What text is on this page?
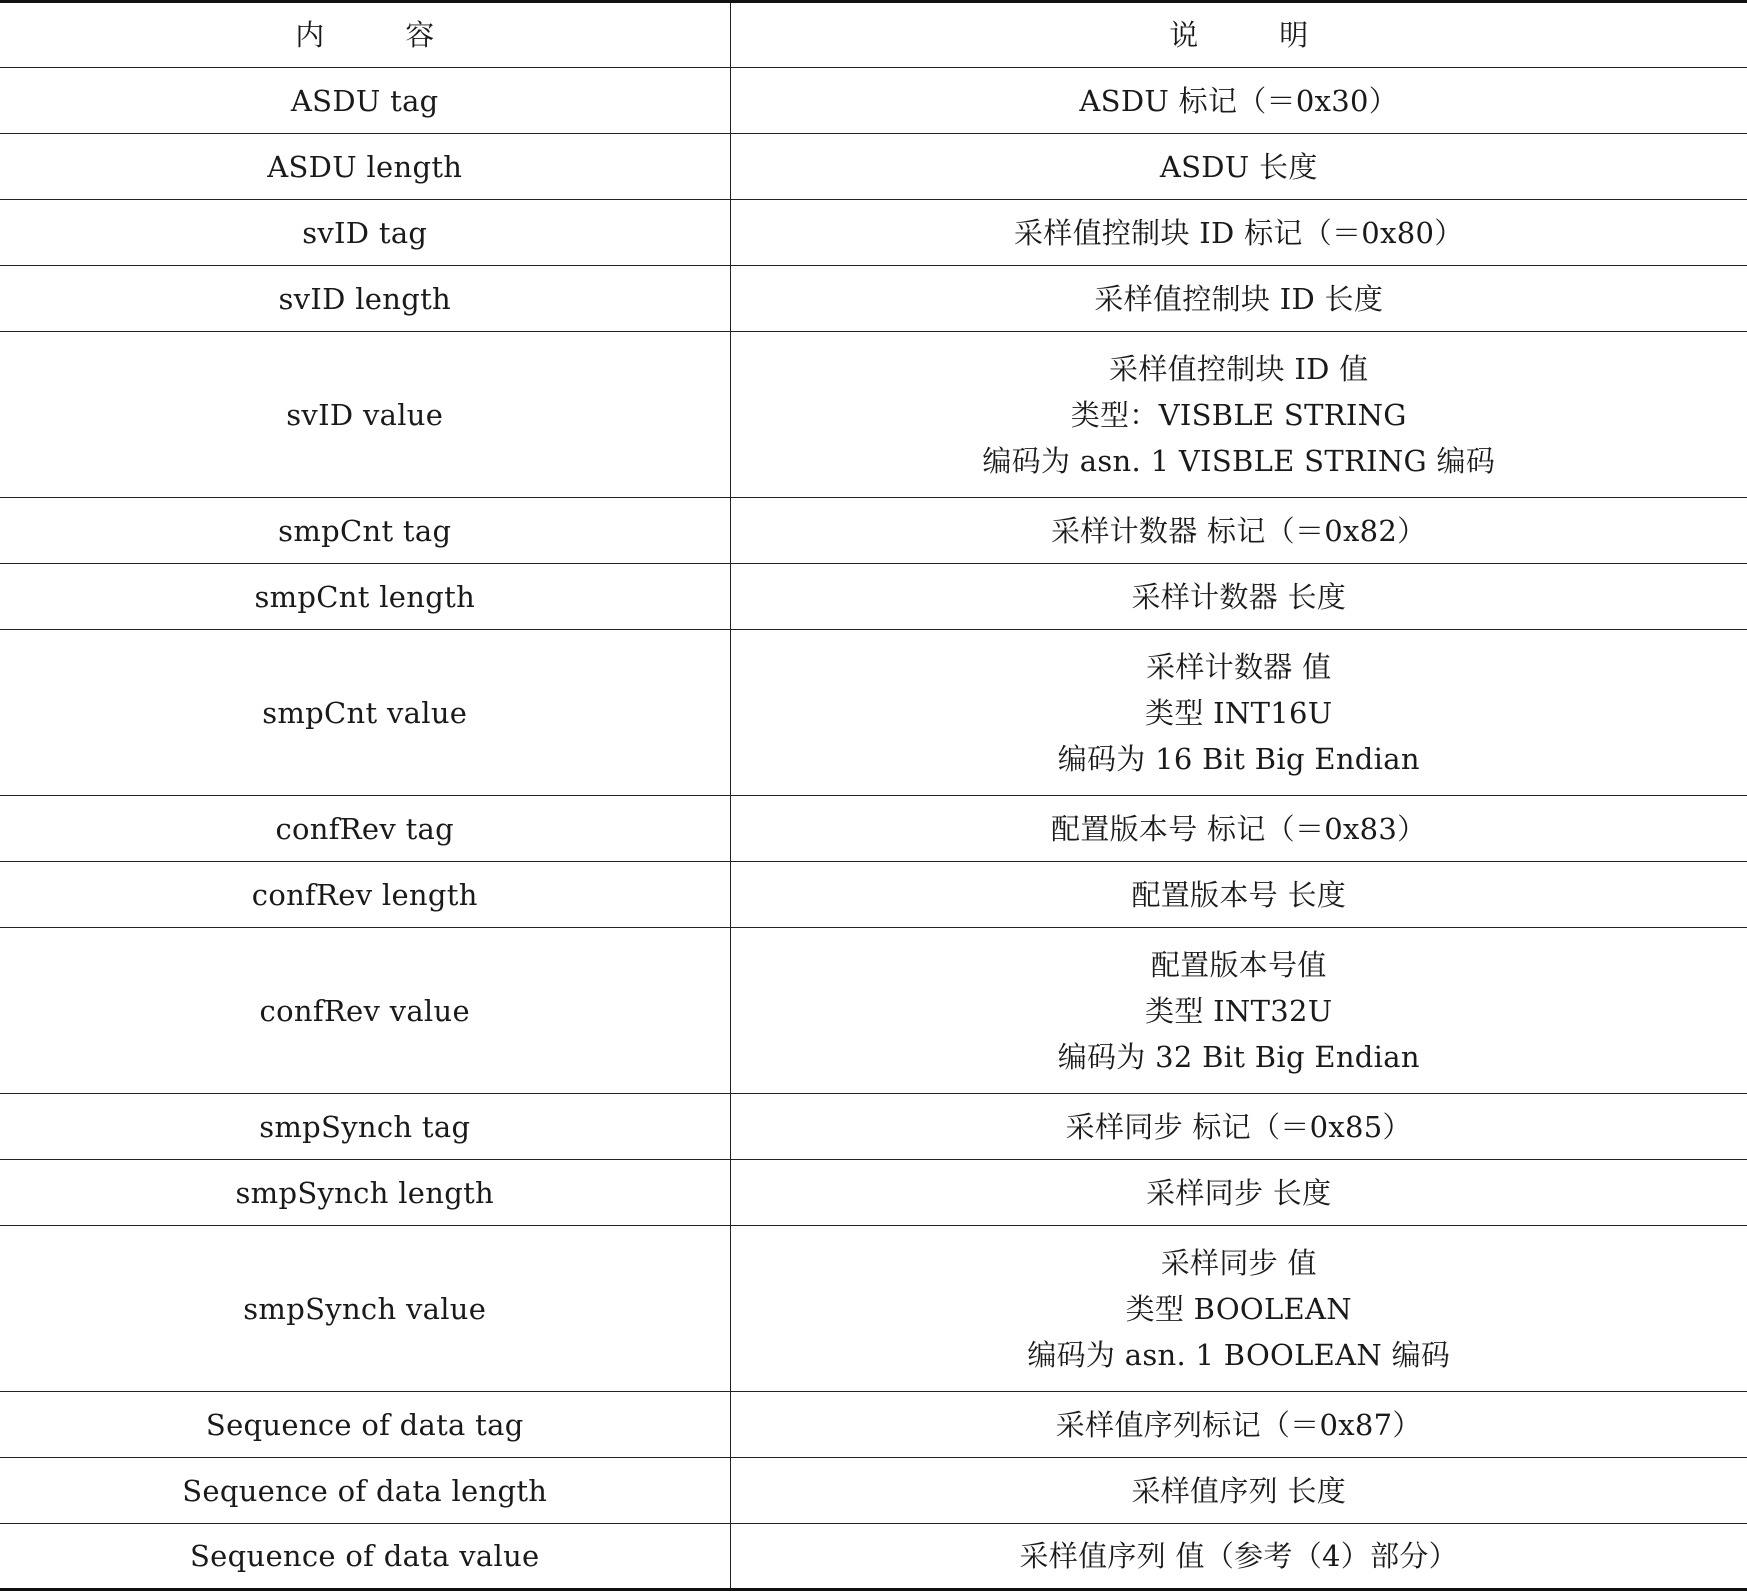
内　容	说　明
ASDU tag	ASDU 标记（＝0x30）

ASDU length	ASDU 长度

svID tag	采样值控制块 ID 标记（＝0x80）

svID length	采样值控制块 ID 长度

svID value	采样值控制块 ID 值
类型：VISBLE STRING
编码为 asn. 1 VISBLE STRING 编码

smpCnt tag	采样计数器 标记（＝0x82）

smpCnt length	采样计数器 长度

smpCnt value	采样计数器 值
类型 INT16U
编码为 16 Bit Big Endian

confRev tag	配置版本号 标记（＝0x83）

confRev length	配置版本号 长度

confRev value	配置版本号值
类型 INT32U
编码为 32 Bit Big Endian

smpSynch tag	采样同步 标记（＝0x85）

smpSynch length	采样同步 长度

smpSynch value	采样同步 值
类型 BOOLEAN
编码为 asn. 1 BOOLEAN 编码

Sequence of data tag	采样值序列标记（＝0x87）

Sequence of data length	采样值序列 长度

Sequence of data value	采样值序列 值（参考（4）部分）
